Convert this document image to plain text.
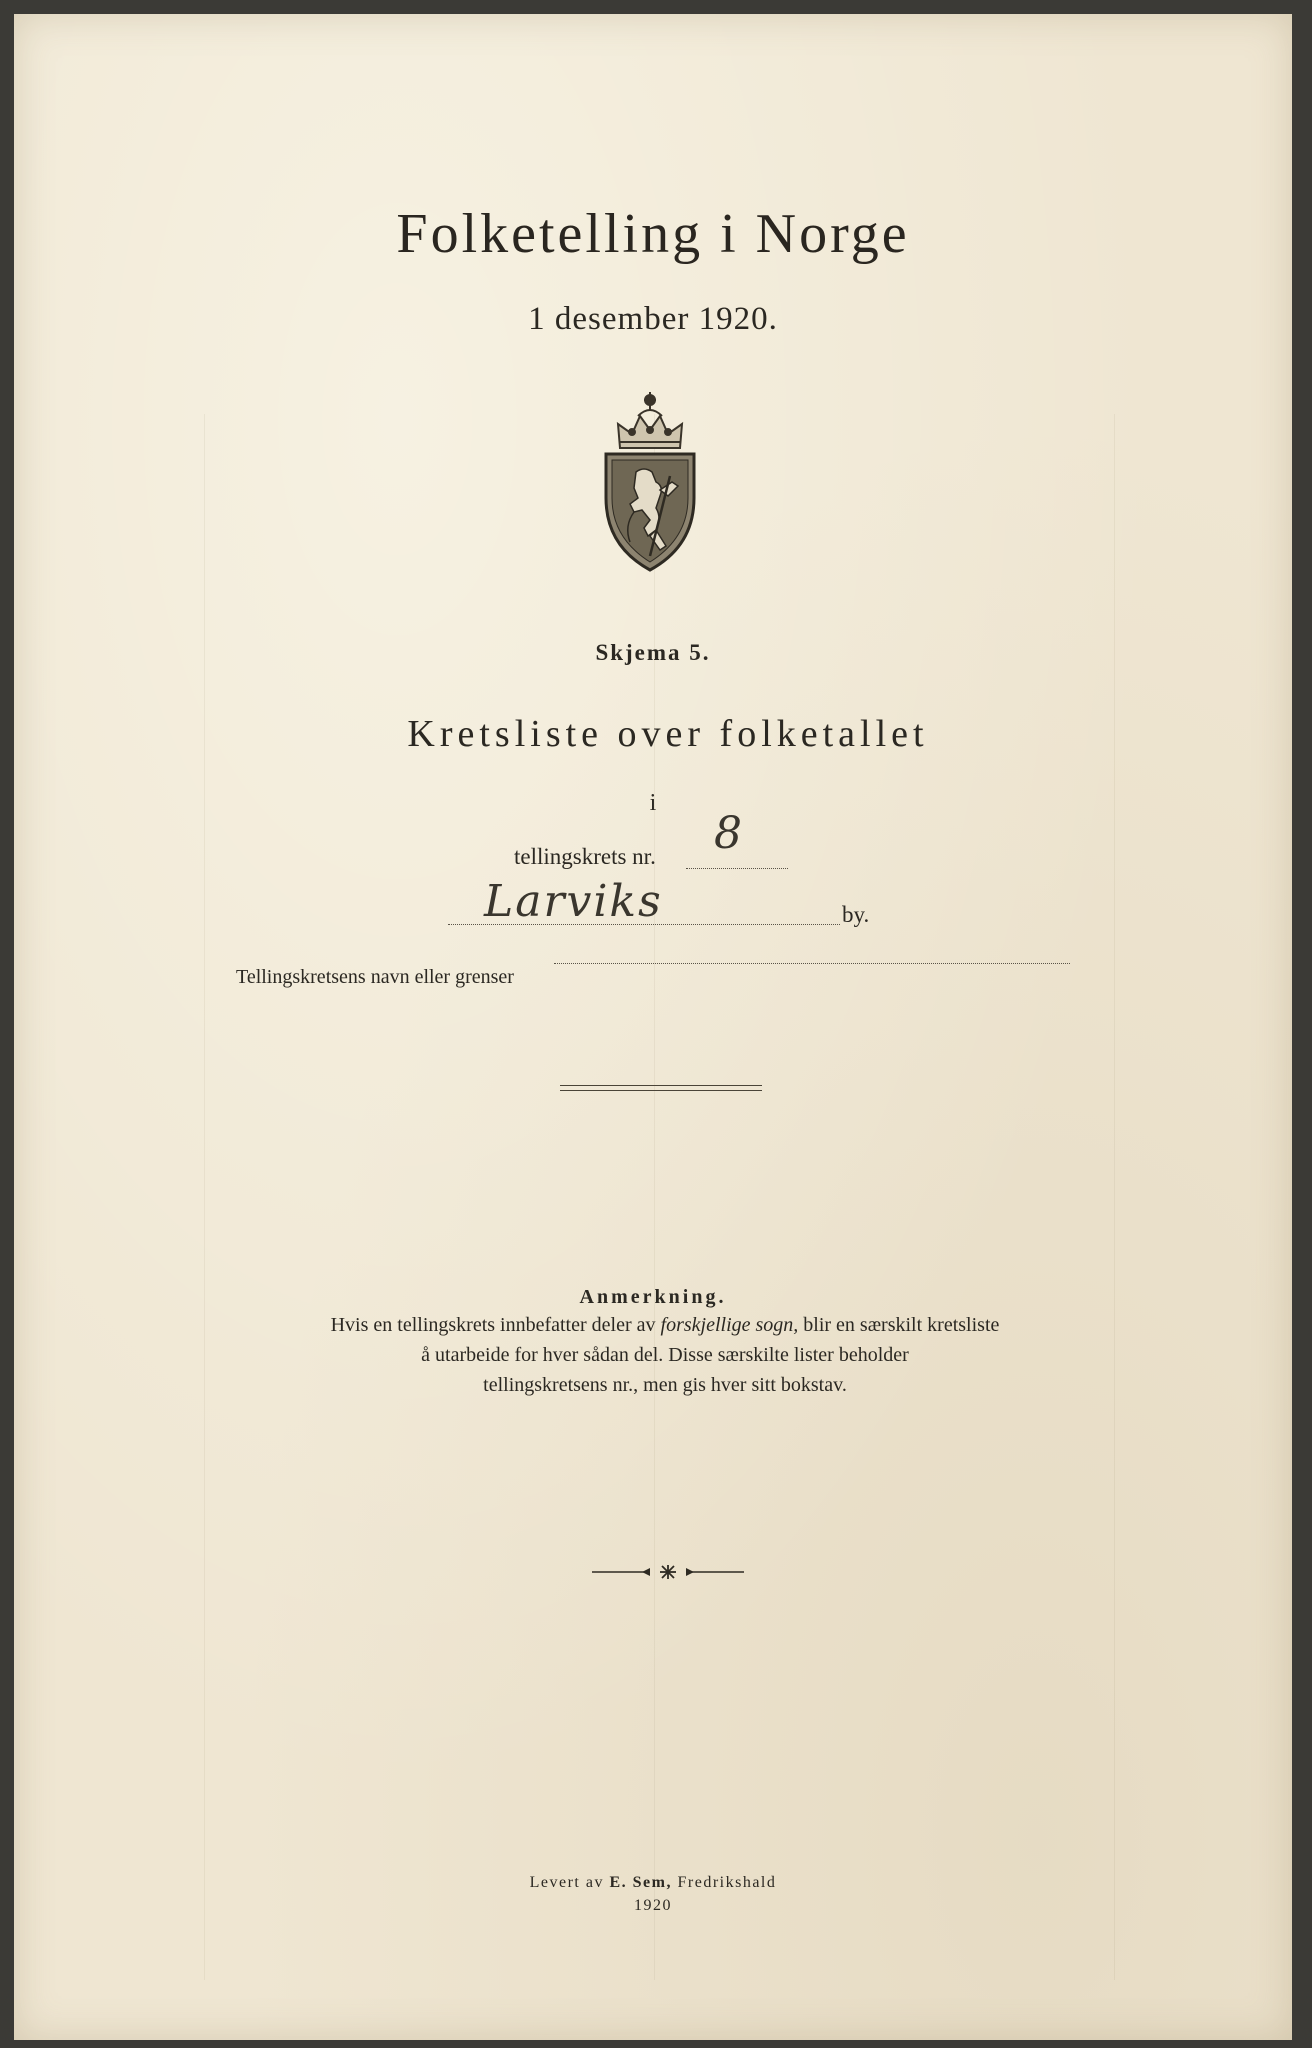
Folketelling i Norge
1 desember 1920.
Skjema 5.
Kretsliste over folketallet
i
tellingskrets nr. 8
Larviks	by.
Tellingskretsens navn eller grenser
Anmerkning.
Hvis en tellingskrets innbefatter deler av forskjellige sogn, blir en særskilt kretsliste
å utarbeide for hver sådan del. Disse særskilte lister beholder
tellingskretsens nr., men gis hver sitt bokstav.
Levert av E. Sem, Fredrikshald
1920
